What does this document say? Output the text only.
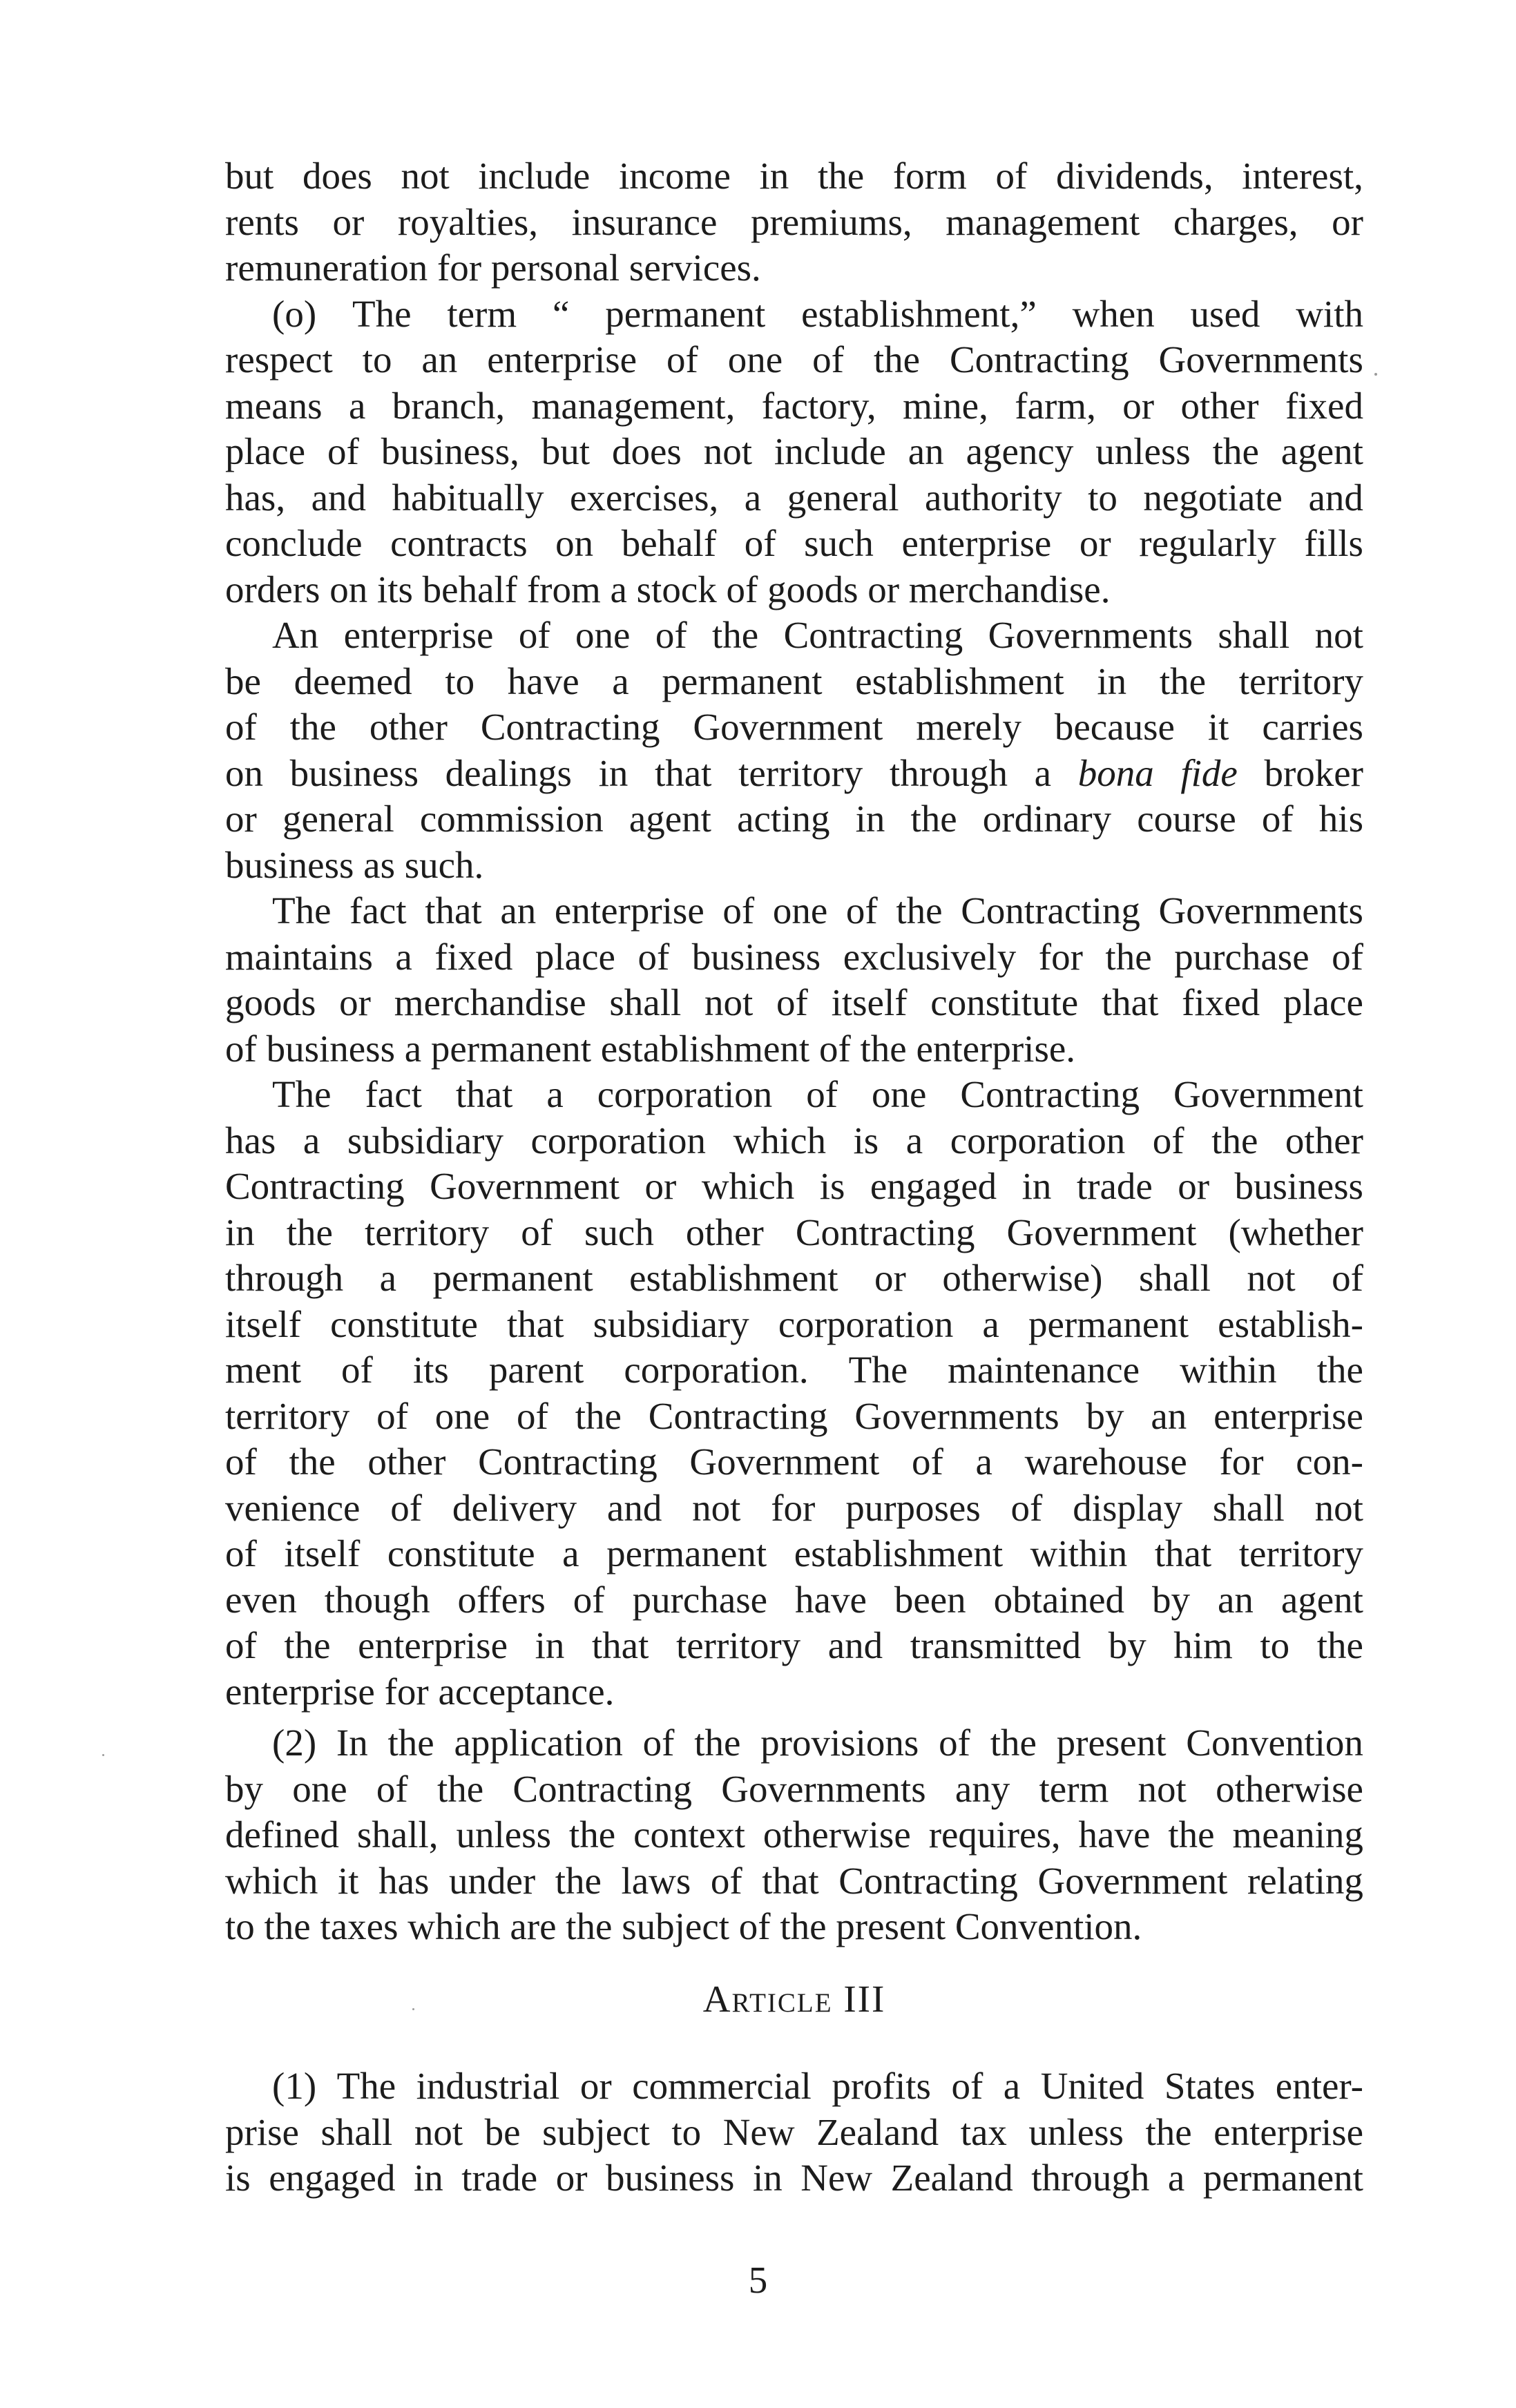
but does not include income in the form of dividends, interest,
rents or royalties, insurance premiums, management charges, or
remuneration for personal services.
(o) The term “ permanent establishment,” when used with
respect to an enterprise of one of the Contracting Governments
means a branch, management, factory, mine, farm, or other fixed
place of business, but does not include an agency unless the agent
has, and habitually exercises, a general authority to negotiate and
conclude contracts on behalf of such enterprise or regularly fills
orders on its behalf from a stock of goods or merchandise.
An enterprise of one of the Contracting Governments shall not
be deemed to have a permanent establishment in the territory
of the other Contracting Government merely because it carries
on business dealings in that territory through a bona fide broker
or general commission agent acting in the ordinary course of his
business as such.
The fact that an enterprise of one of the Contracting Governments
maintains a fixed place of business exclusively for the purchase of
goods or merchandise shall not of itself constitute that fixed place
of business a permanent establishment of the enterprise.
The fact that a corporation of one Contracting Government
has a subsidiary corporation which is a corporation of the other
Contracting Government or which is engaged in trade or business
in the territory of such other Contracting Government (whether
through a permanent establishment or otherwise) shall not of
itself constitute that subsidiary corporation a permanent establish-
ment of its parent corporation. The maintenance within the
territory of one of the Contracting Governments by an enterprise
of the other Contracting Government of a warehouse for con-
venience of delivery and not for purposes of display shall not
of itself constitute a permanent establishment within that territory
even though offers of purchase have been obtained by an agent
of the enterprise in that territory and transmitted by him to the
enterprise for acceptance.
(2) In the application of the provisions of the present Convention
by one of the Contracting Governments any term not otherwise
defined shall, unless the context otherwise requires, have the meaning
which it has under the laws of that Contracting Government relating
to the taxes which are the subject of the present Convention.
Article III
(1) The industrial or commercial profits of a United States enter-
prise shall not be subject to New Zealand tax unless the enterprise
is engaged in trade or business in New Zealand through a permanent
5
